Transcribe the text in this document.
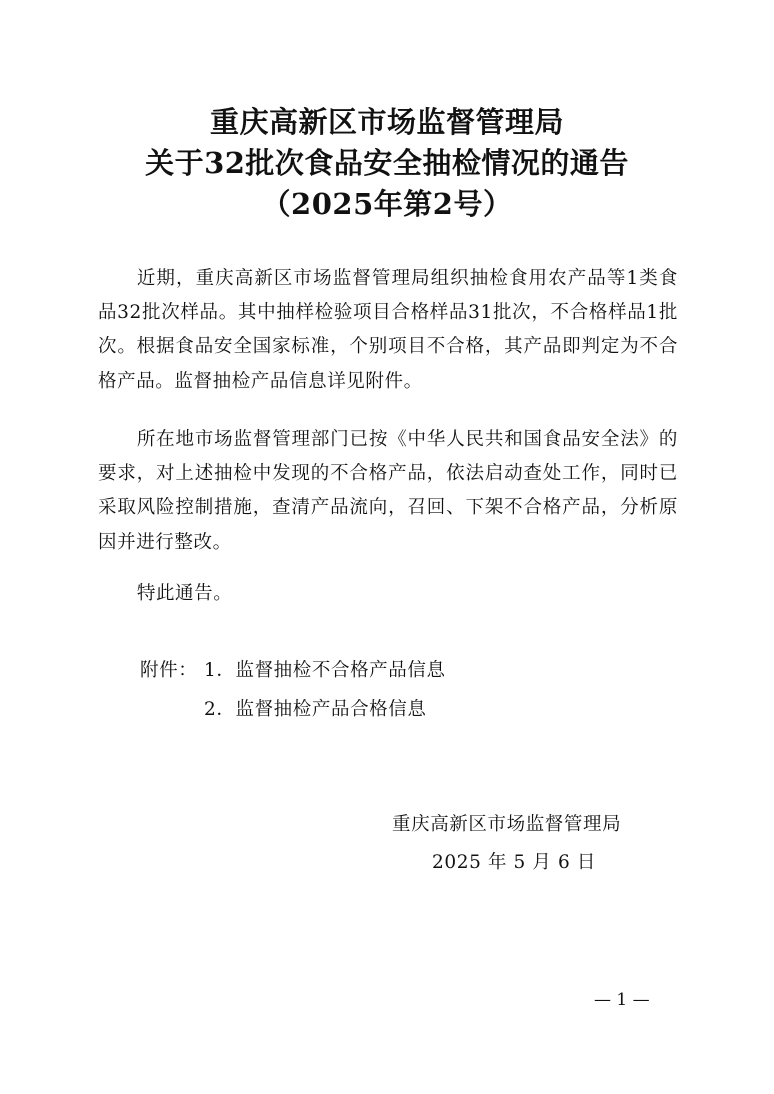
重庆高新区市场监督管理局
关于32批次食品安全抽检情况的通告
（2025年第2号）

近期，重庆高新区市场监督管理局组织抽检食用农产品等1类食品32批次样品。其中抽样检验项目合格样品31批次，不合格样品1批次。根据食品安全国家标准，个别项目不合格，其产品即判定为不合格产品。监督抽检产品信息详见附件。

所在地市场监督管理部门已按《中华人民共和国食品安全法》的要求，对上述抽检中发现的不合格产品，依法启动查处工作，同时已采取风险控制措施，查清产品流向，召回、下架不合格产品，分析原因并进行整改。

特此通告。

附件： 1．监督抽检不合格产品信息
2．监督抽检产品合格信息
重庆高新区市场监督管理局
2025 年 5 月 6 日
— 1 —
